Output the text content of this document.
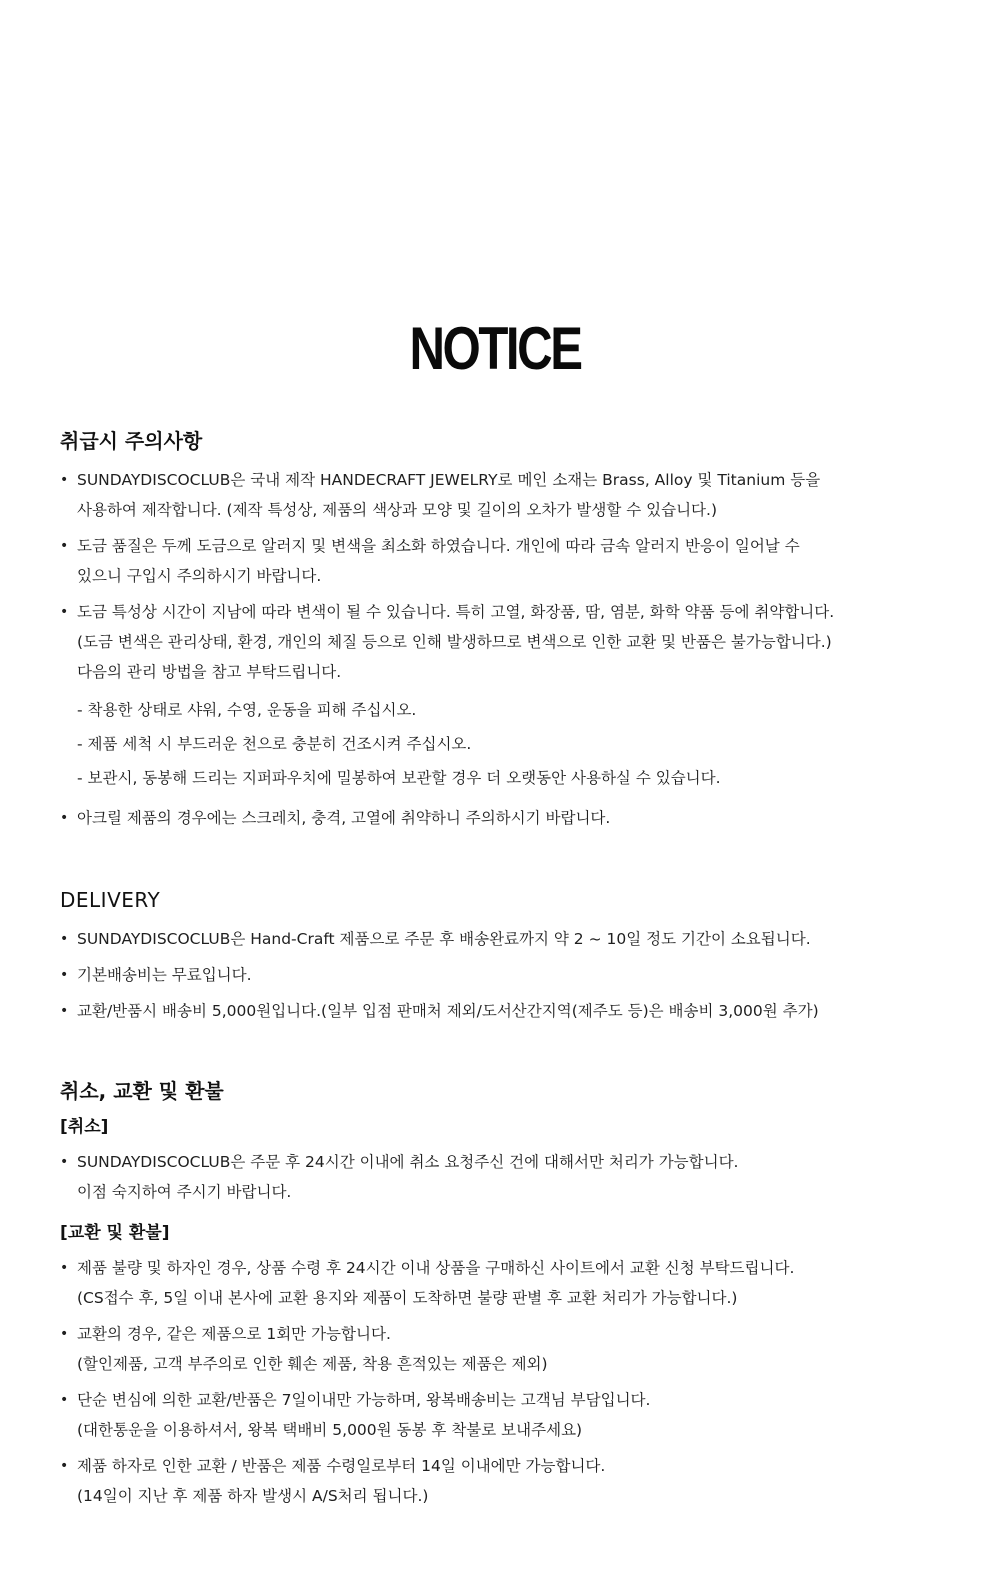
NOTICE
취급시 주의사항
• SUNDAYDISCOCLUB은 국내 제작 HANDECRAFT JEWELRY로 메인 소재는 Brass, Alloy 및 Titanium 등을
사용하여 제작합니다. (제작 특성상, 제품의 색상과 모양 및 길이의 오차가 발생할 수 있습니다.)
• 도금 품질은 두께 도금으로 알러지 및 변색을 최소화 하였습니다. 개인에 따라 금속 알러지 반응이 일어날 수
있으니 구입시 주의하시기 바랍니다.
• 도금 특성상 시간이 지남에 따라 변색이 될 수 있습니다. 특히 고열, 화장품, 땀, 염분, 화학 약품 등에 취약합니다.
(도금 변색은 관리상태, 환경, 개인의 체질 등으로 인해 발생하므로 변색으로 인한 교환 및 반품은 불가능합니다.)
다음의 관리 방법을 참고 부탁드립니다.
- 착용한 상태로 샤워, 수영, 운동을 피해 주십시오.
- 제품 세척 시 부드러운 천으로 충분히 건조시켜 주십시오.
- 보관시, 동봉해 드리는 지퍼파우치에 밀봉하여 보관할 경우 더 오랫동안 사용하실 수 있습니다.
• 아크릴 제품의 경우에는 스크레치, 충격, 고열에 취약하니 주의하시기 바랍니다.
DELIVERY
• SUNDAYDISCOCLUB은 Hand-Craft 제품으로 주문 후 배송완료까지 약 2 ~ 10일 정도 기간이 소요됩니다.
• 기본배송비는 무료입니다.
• 교환/반품시 배송비 5,000원입니다.(일부 입점 판매처 제외/도서산간지역(제주도 등)은 배송비 3,000원 추가)
취소, 교환 및 환불
[취소]
• SUNDAYDISCOCLUB은 주문 후 24시간 이내에 취소 요청주신 건에 대해서만 처리가 가능합니다.
이점 숙지하여 주시기 바랍니다.
[교환 및 환불]
• 제품 불량 및 하자인 경우, 상품 수령 후 24시간 이내 상품을 구매하신 사이트에서 교환 신청 부탁드립니다.
(CS접수 후, 5일 이내 본사에 교환 용지와 제품이 도착하면 불량 판별 후 교환 처리가 가능합니다.)
• 교환의 경우, 같은 제품으로 1회만 가능합니다.
(할인제품, 고객 부주의로 인한 훼손 제품, 착용 흔적있는 제품은 제외)
• 단순 변심에 의한 교환/반품은 7일이내만 가능하며, 왕복배송비는 고객님 부담입니다.
(대한통운을 이용하셔서, 왕복 택배비 5,000원 동봉 후 착불로 보내주세요)
• 제품 하자로 인한 교환 / 반품은 제품 수령일로부터 14일 이내에만 가능합니다.
(14일이 지난 후 제품 하자 발생시 A/S처리 됩니다.)
